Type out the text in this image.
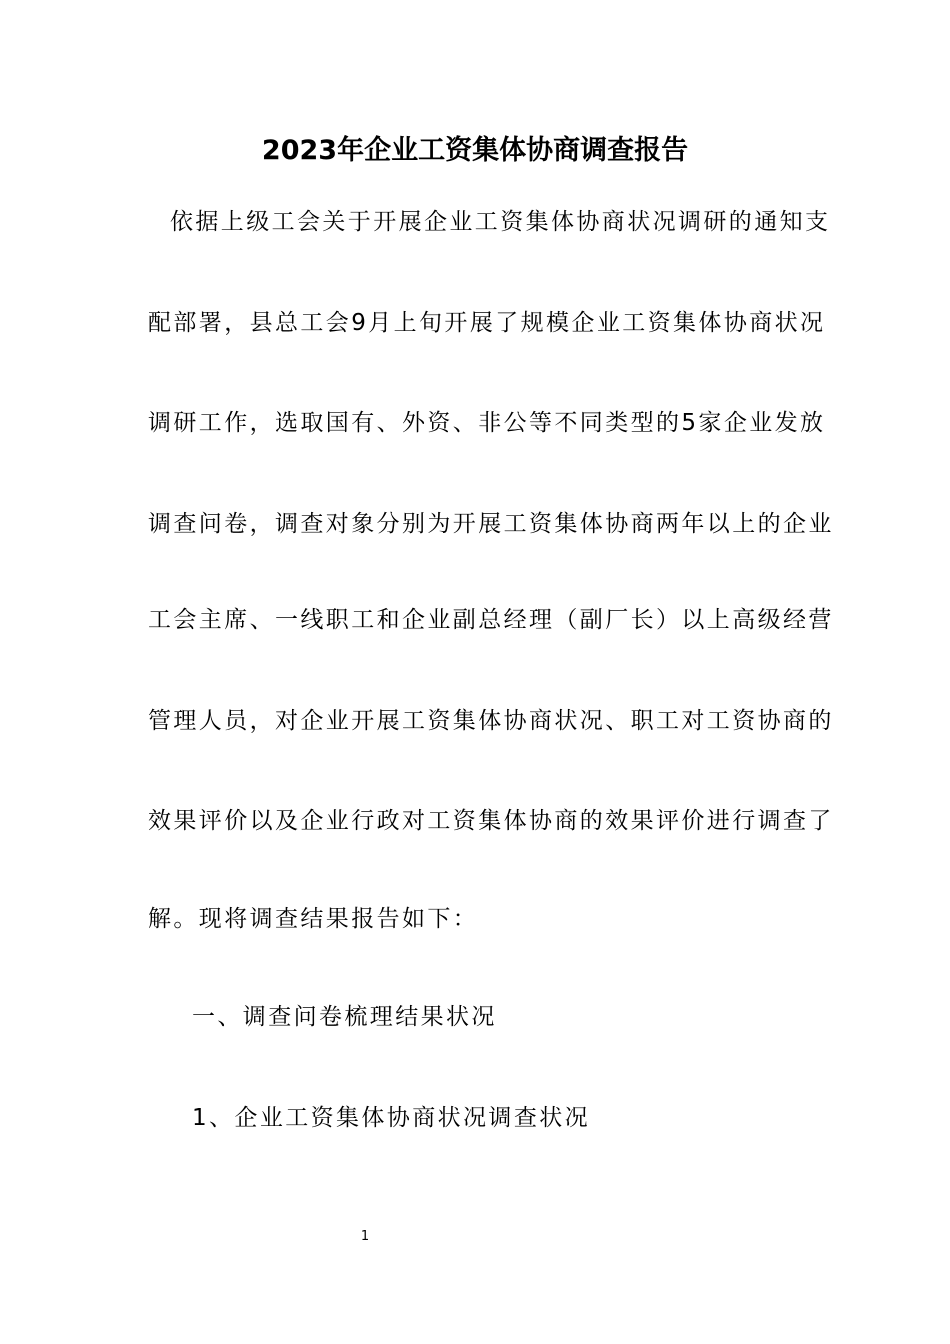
2023年企业工资集体协商调查报告
依据上级工会关于开展企业工资集体协商状况调研的通知支
配部署，县总工会9月上旬开展了规模企业工资集体协商状况
调研工作，选取国有、外资、非公等不同类型的5家企业发放
调查问卷，调查对象分别为开展工资集体协商两年以上的企业
工会主席、一线职工和企业副总经理（副厂长）以上高级经营
管理人员，对企业开展工资集体协商状况、职工对工资协商的
效果评价以及企业行政对工资集体协商的效果评价进行调查了
解。现将调查结果报告如下：
一、调查问卷梳理结果状况
1、企业工资集体协商状况调查状况
1
